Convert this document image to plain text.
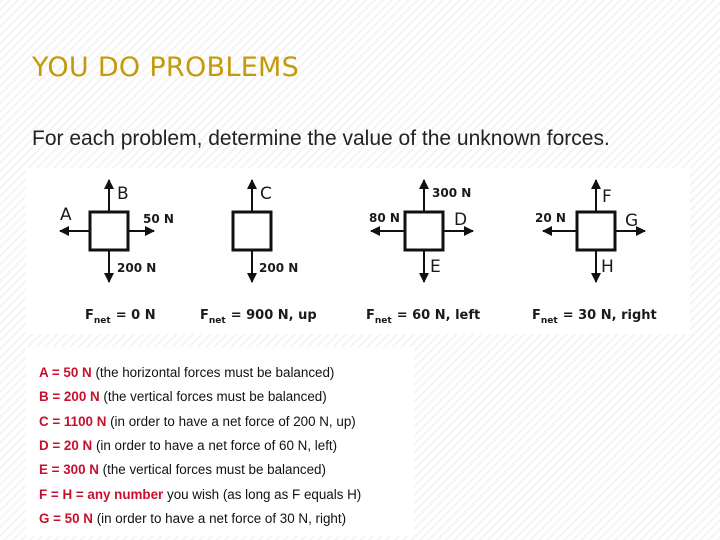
YOU DO PROBLEMS
For each problem, determine the value of the unknown forces.
B
A	50 N
200 N
$F_{net} = 0$ N
C
200 N
$F_{net} = 900$ N, up
300 N
80 N	D
E
$F_{net} = 60$ N, left
F
20 N	G
H
$F_{net} = 30$ N, right
A = 50 N (the horizontal forces must be balanced)
B = 200 N (the vertical forces must be balanced)
C = 1100 N (in order to have a net force of 200 N, up)
D = 20 N (in order to have a net force of 60 N, left)
E = 300 N (the vertical forces must be balanced)
F = H = any number you wish (as long as F equals H)
G = 50 N (in order to have a net force of 30 N, right)
